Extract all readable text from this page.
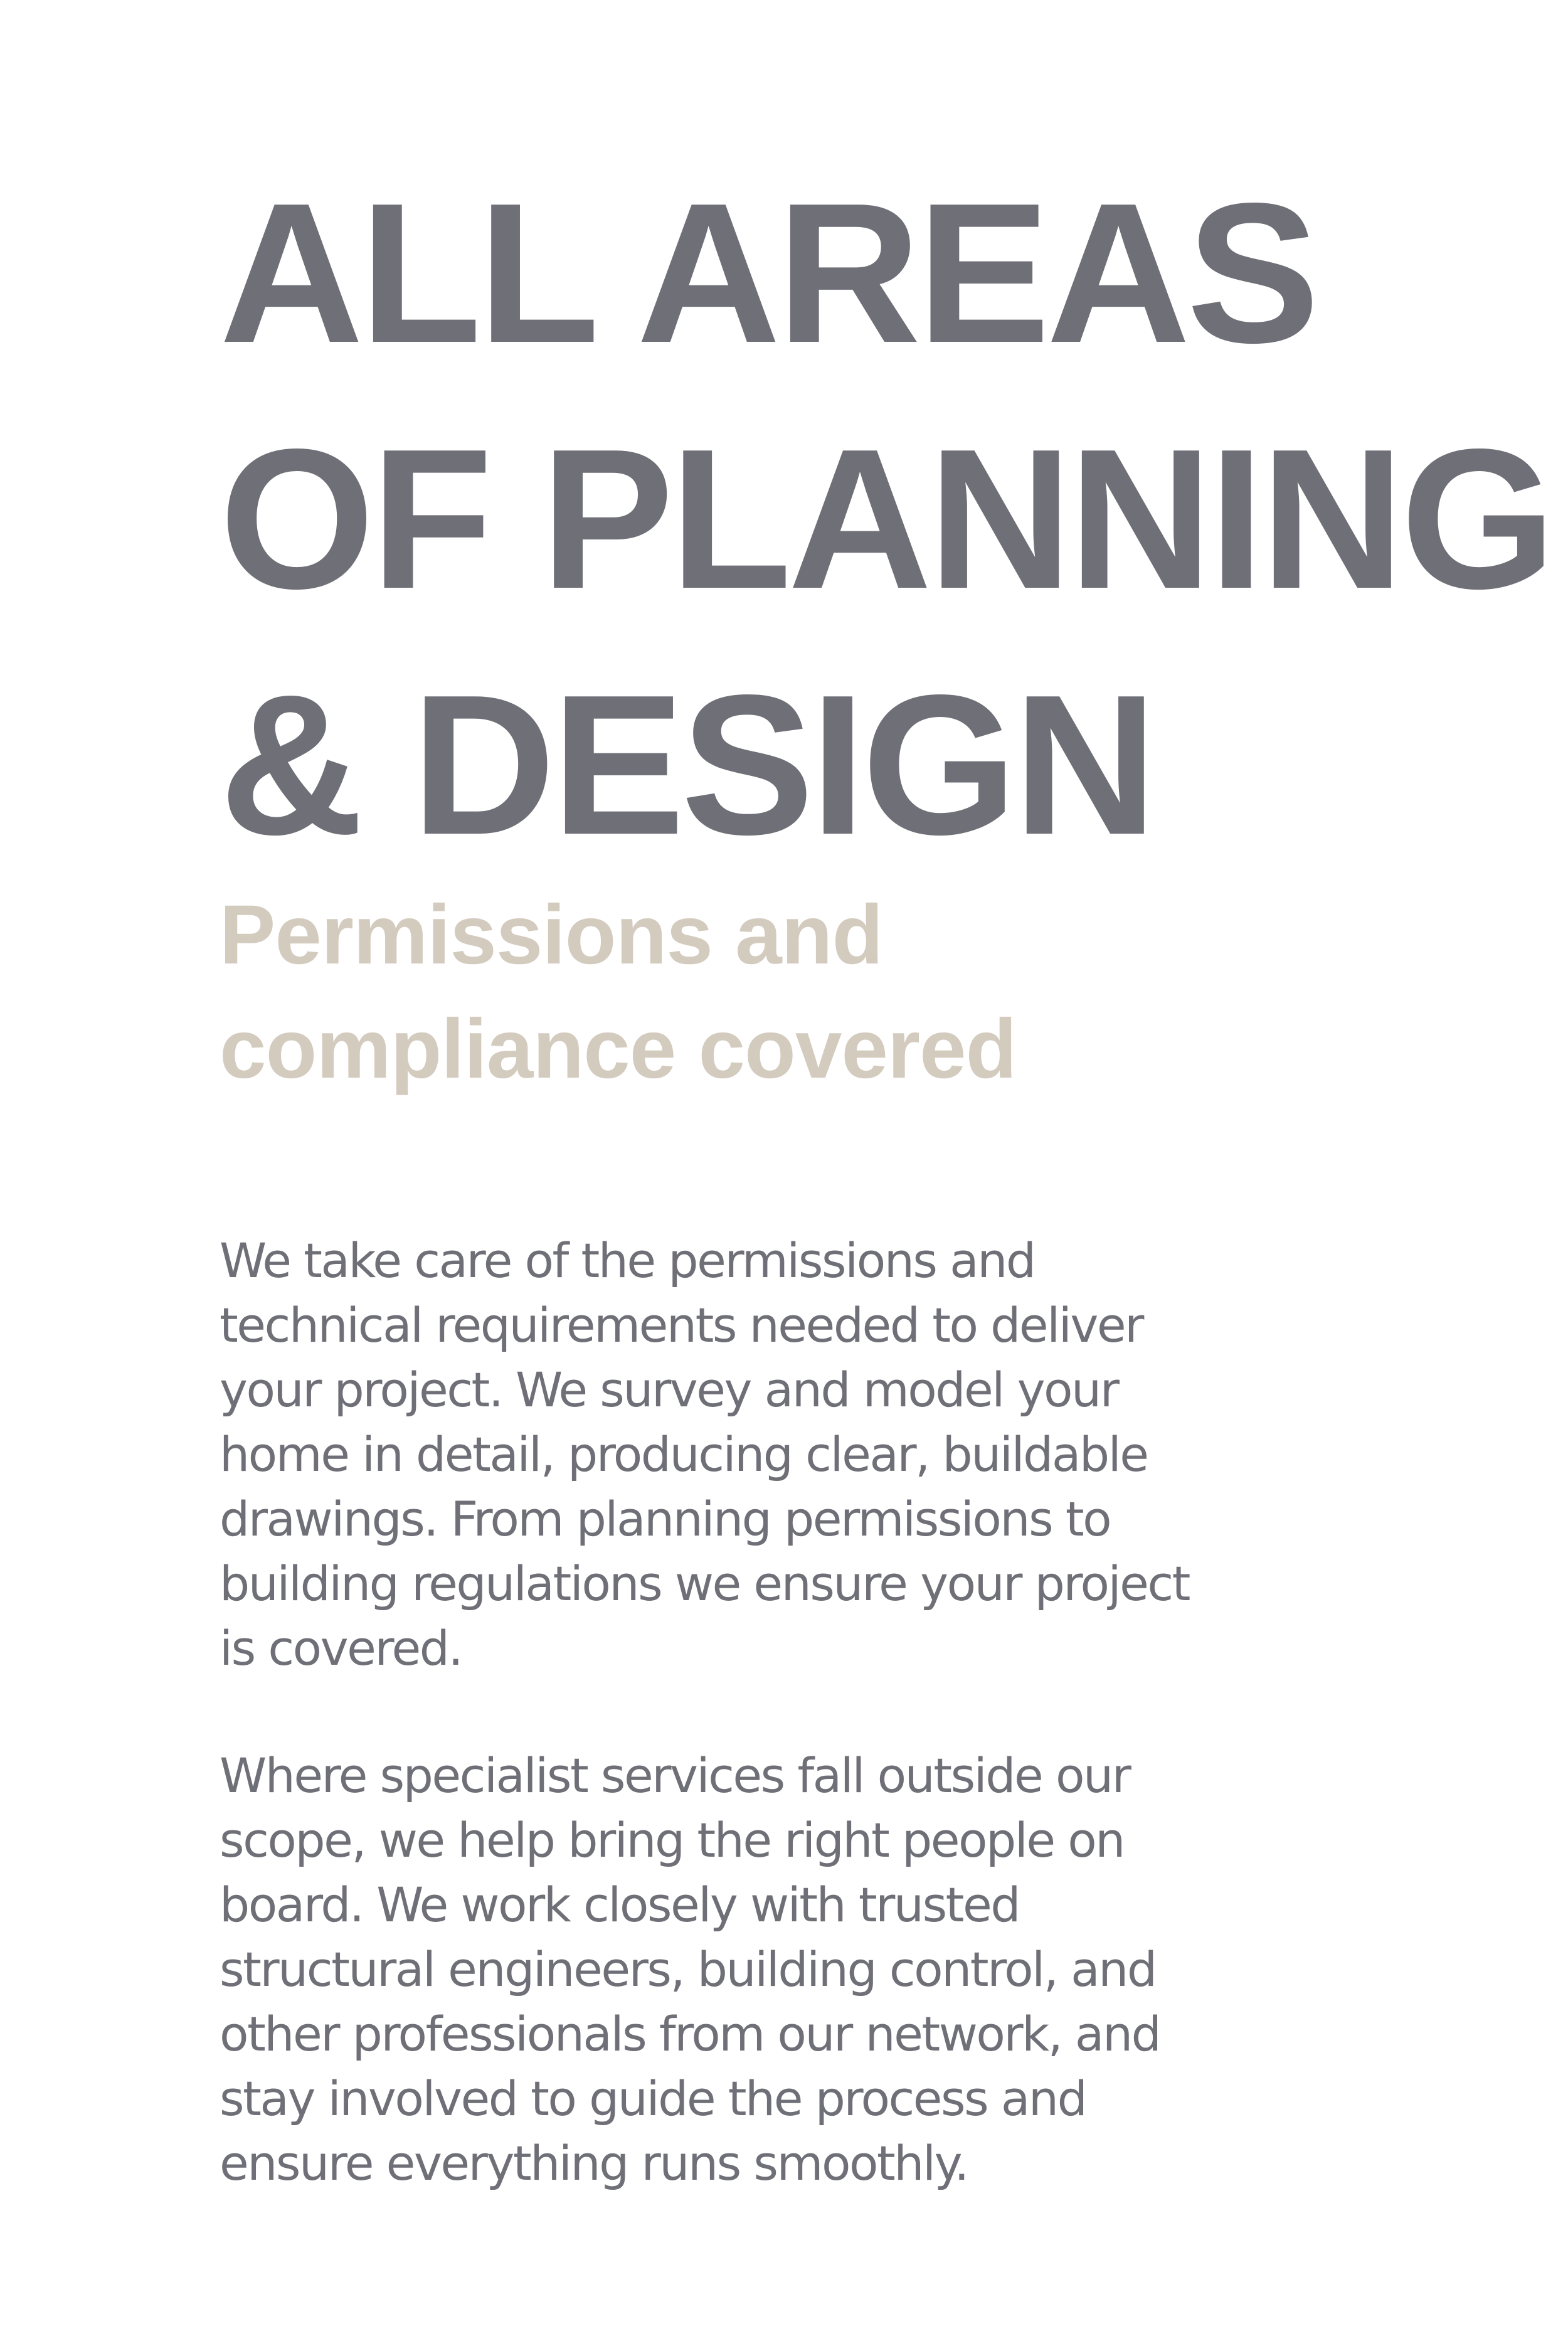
ALL AREAS
OF PLANNING
& DESIGN
Permissions and
compliance covered
We take care of the permissions and
technical requirements needed to deliver
your project. We survey and model your
home in detail, producing clear, buildable
drawings. From planning permissions to
building regulations we ensure your project
is covered.
Where specialist services fall outside our
scope, we help bring the right people on
board. We work closely with trusted
structural engineers, building control, and
other professionals from our network, and
stay involved to guide the process and
ensure everything runs smoothly.
